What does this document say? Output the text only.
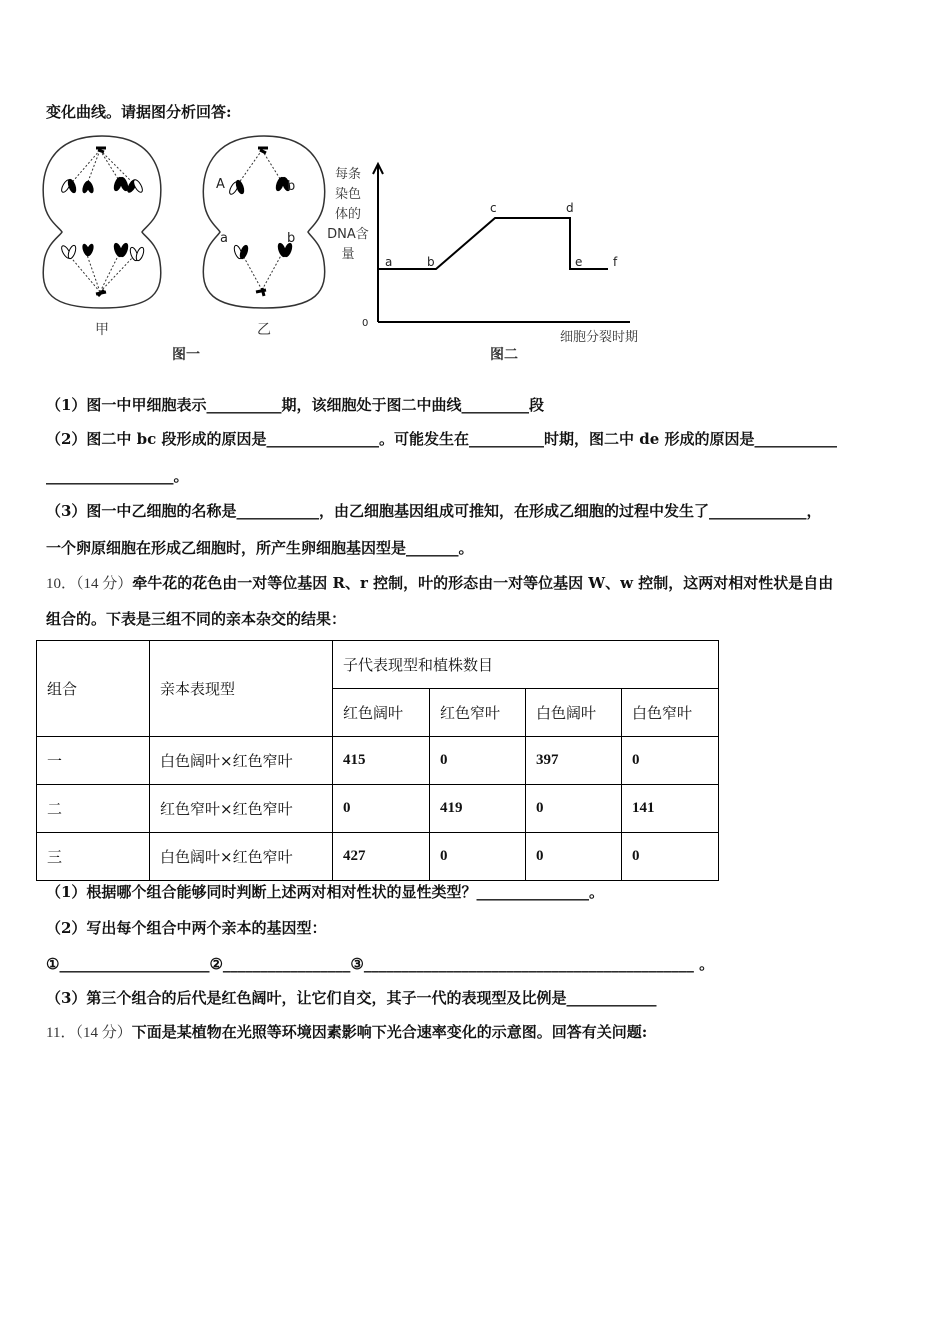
变化曲线。请据图分析回答:
甲
图一
A	b
a	b
乙
每条
染色
体的
DNA含
量
0
a	b
c	d
e	f
细胞分裂时期
图二
（1）图一中甲细胞表示__________期，该细胞处于图二中曲线_________段
（2）图二中 bc 段形成的原因是_______________。可能发生在__________时期，图二中 de 形成的原因是___________
_________________。
（3）图一中乙细胞的名称是___________，由乙细胞基因组成可推知，在形成乙细胞的过程中发生了_____________，
一个卵原细胞在形成乙细胞时，所产生卵细胞基因型是_______。
10．（14 分）牵牛花的花色由一对等位基因 R、r 控制，叶的形态由一对等位基因 W、w 控制，这两对相对性状是自由
组合的。下表是三组不同的亲本杂交的结果：
组合	亲本表现型	子代表现型和植株数目			
		红色阔叶	红色窄叶	白色阔叶	白色窄叶
一	白色阔叶×红色窄叶	415	0	397	0
二	红色窄叶×红色窄叶	0	419	0	141
三	白色阔叶×红色窄叶	427	0	0	0
（1）根据哪个组合能够同时判断上述两对相对性状的显性类型？_______________。
（2）写出每个组合中两个亲本的基因型：
①____________________②_________________③____________________________________________ 。
（3）第三个组合的后代是红色阔叶，让它们自交，其子一代的表现型及比例是____________
11．（14 分）下面是某植物在光照等环境因素影响下光合速率变化的示意图。回答有关问题:
